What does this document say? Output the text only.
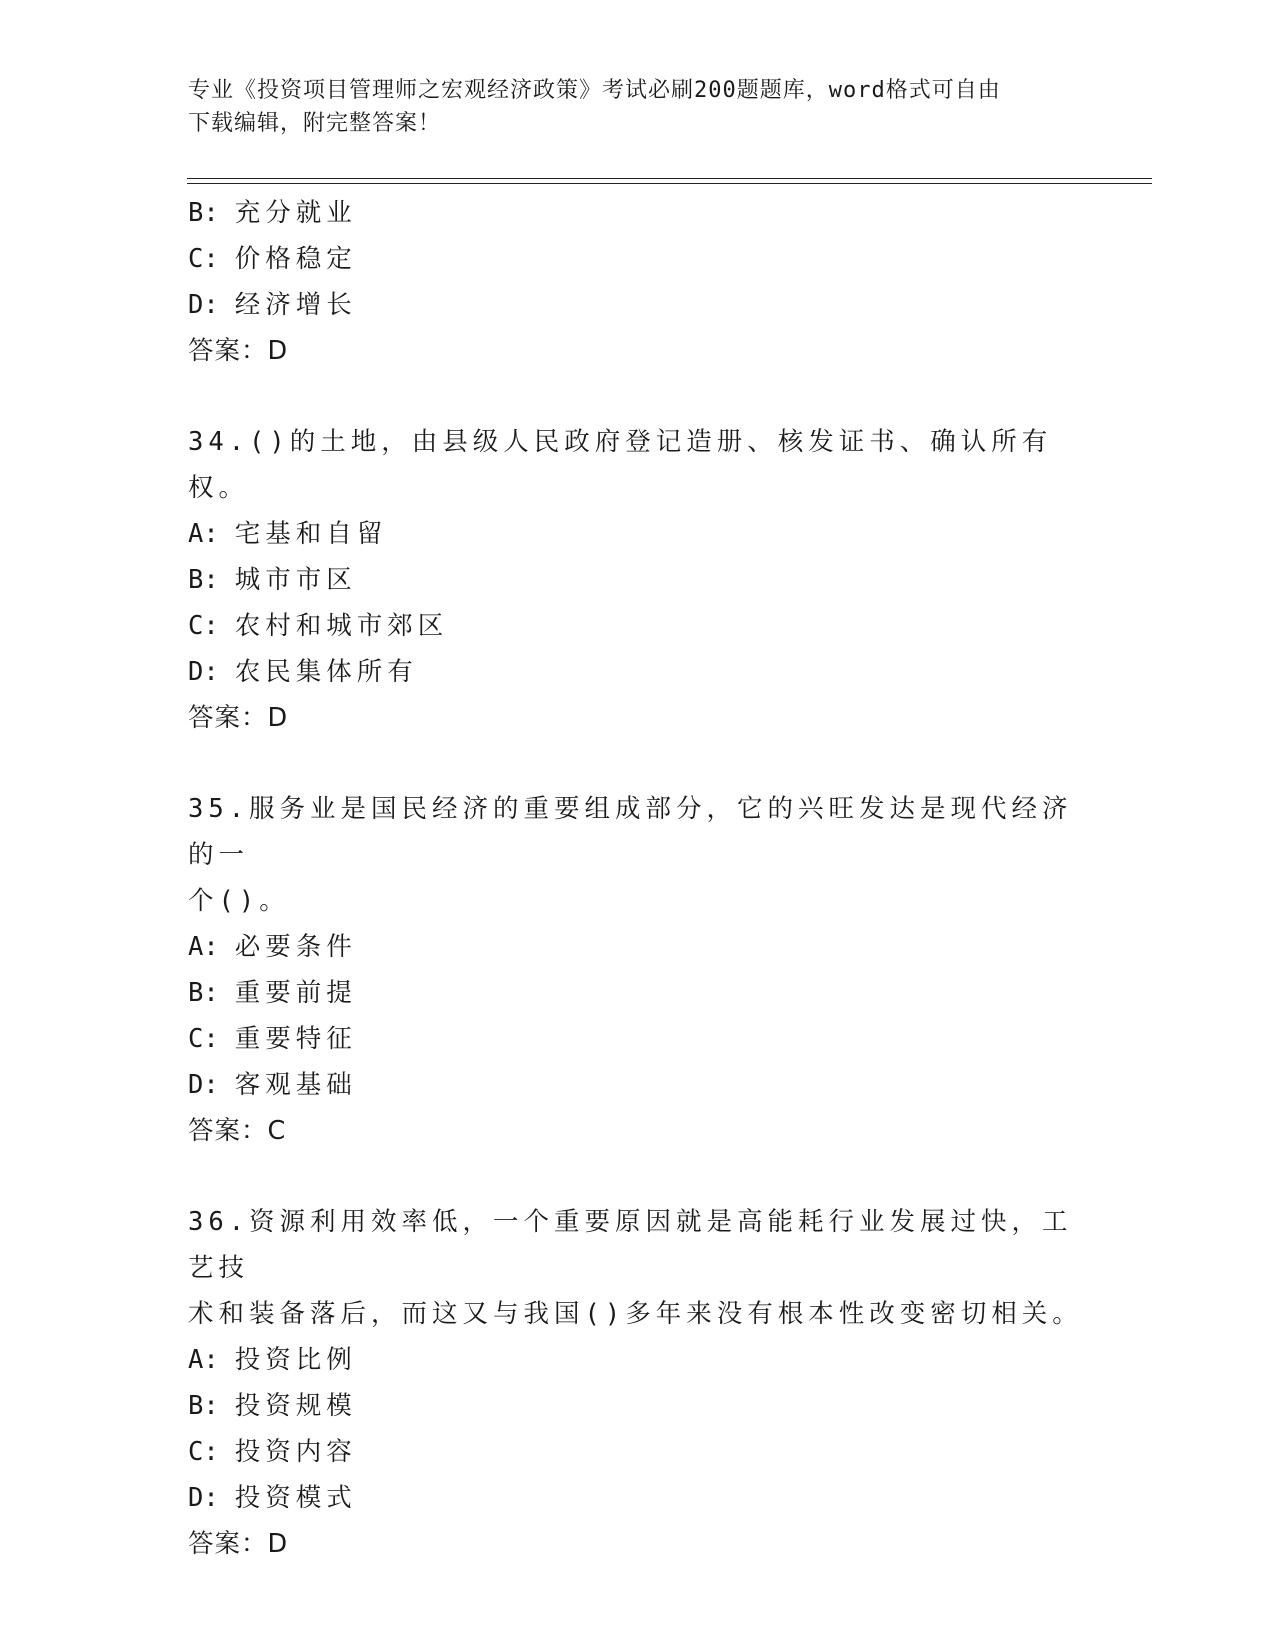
专业《投资项目管理师之宏观经济政策》考试必刷200题题库，word格式可自由
下载编辑，附完整答案！
B: 充分就业
C: 价格稳定
D: 经济增长
答案：D
34.()的土地，由县级人民政府登记造册、核发证书、确认所有权。
A: 宅基和自留
B: 城市市区
C: 农村和城市郊区
D: 农民集体所有
答案：D
35.服务业是国民经济的重要组成部分，它的兴旺发达是现代经济的一
个()。
A: 必要条件
B: 重要前提
C: 重要特征
D: 客观基础
答案：C
36.资源利用效率低，一个重要原因就是高能耗行业发展过快，工艺技
术和装备落后，而这又与我国()多年来没有根本性改变密切相关。
A: 投资比例
B: 投资规模
C: 投资内容
D: 投资模式
答案：D
